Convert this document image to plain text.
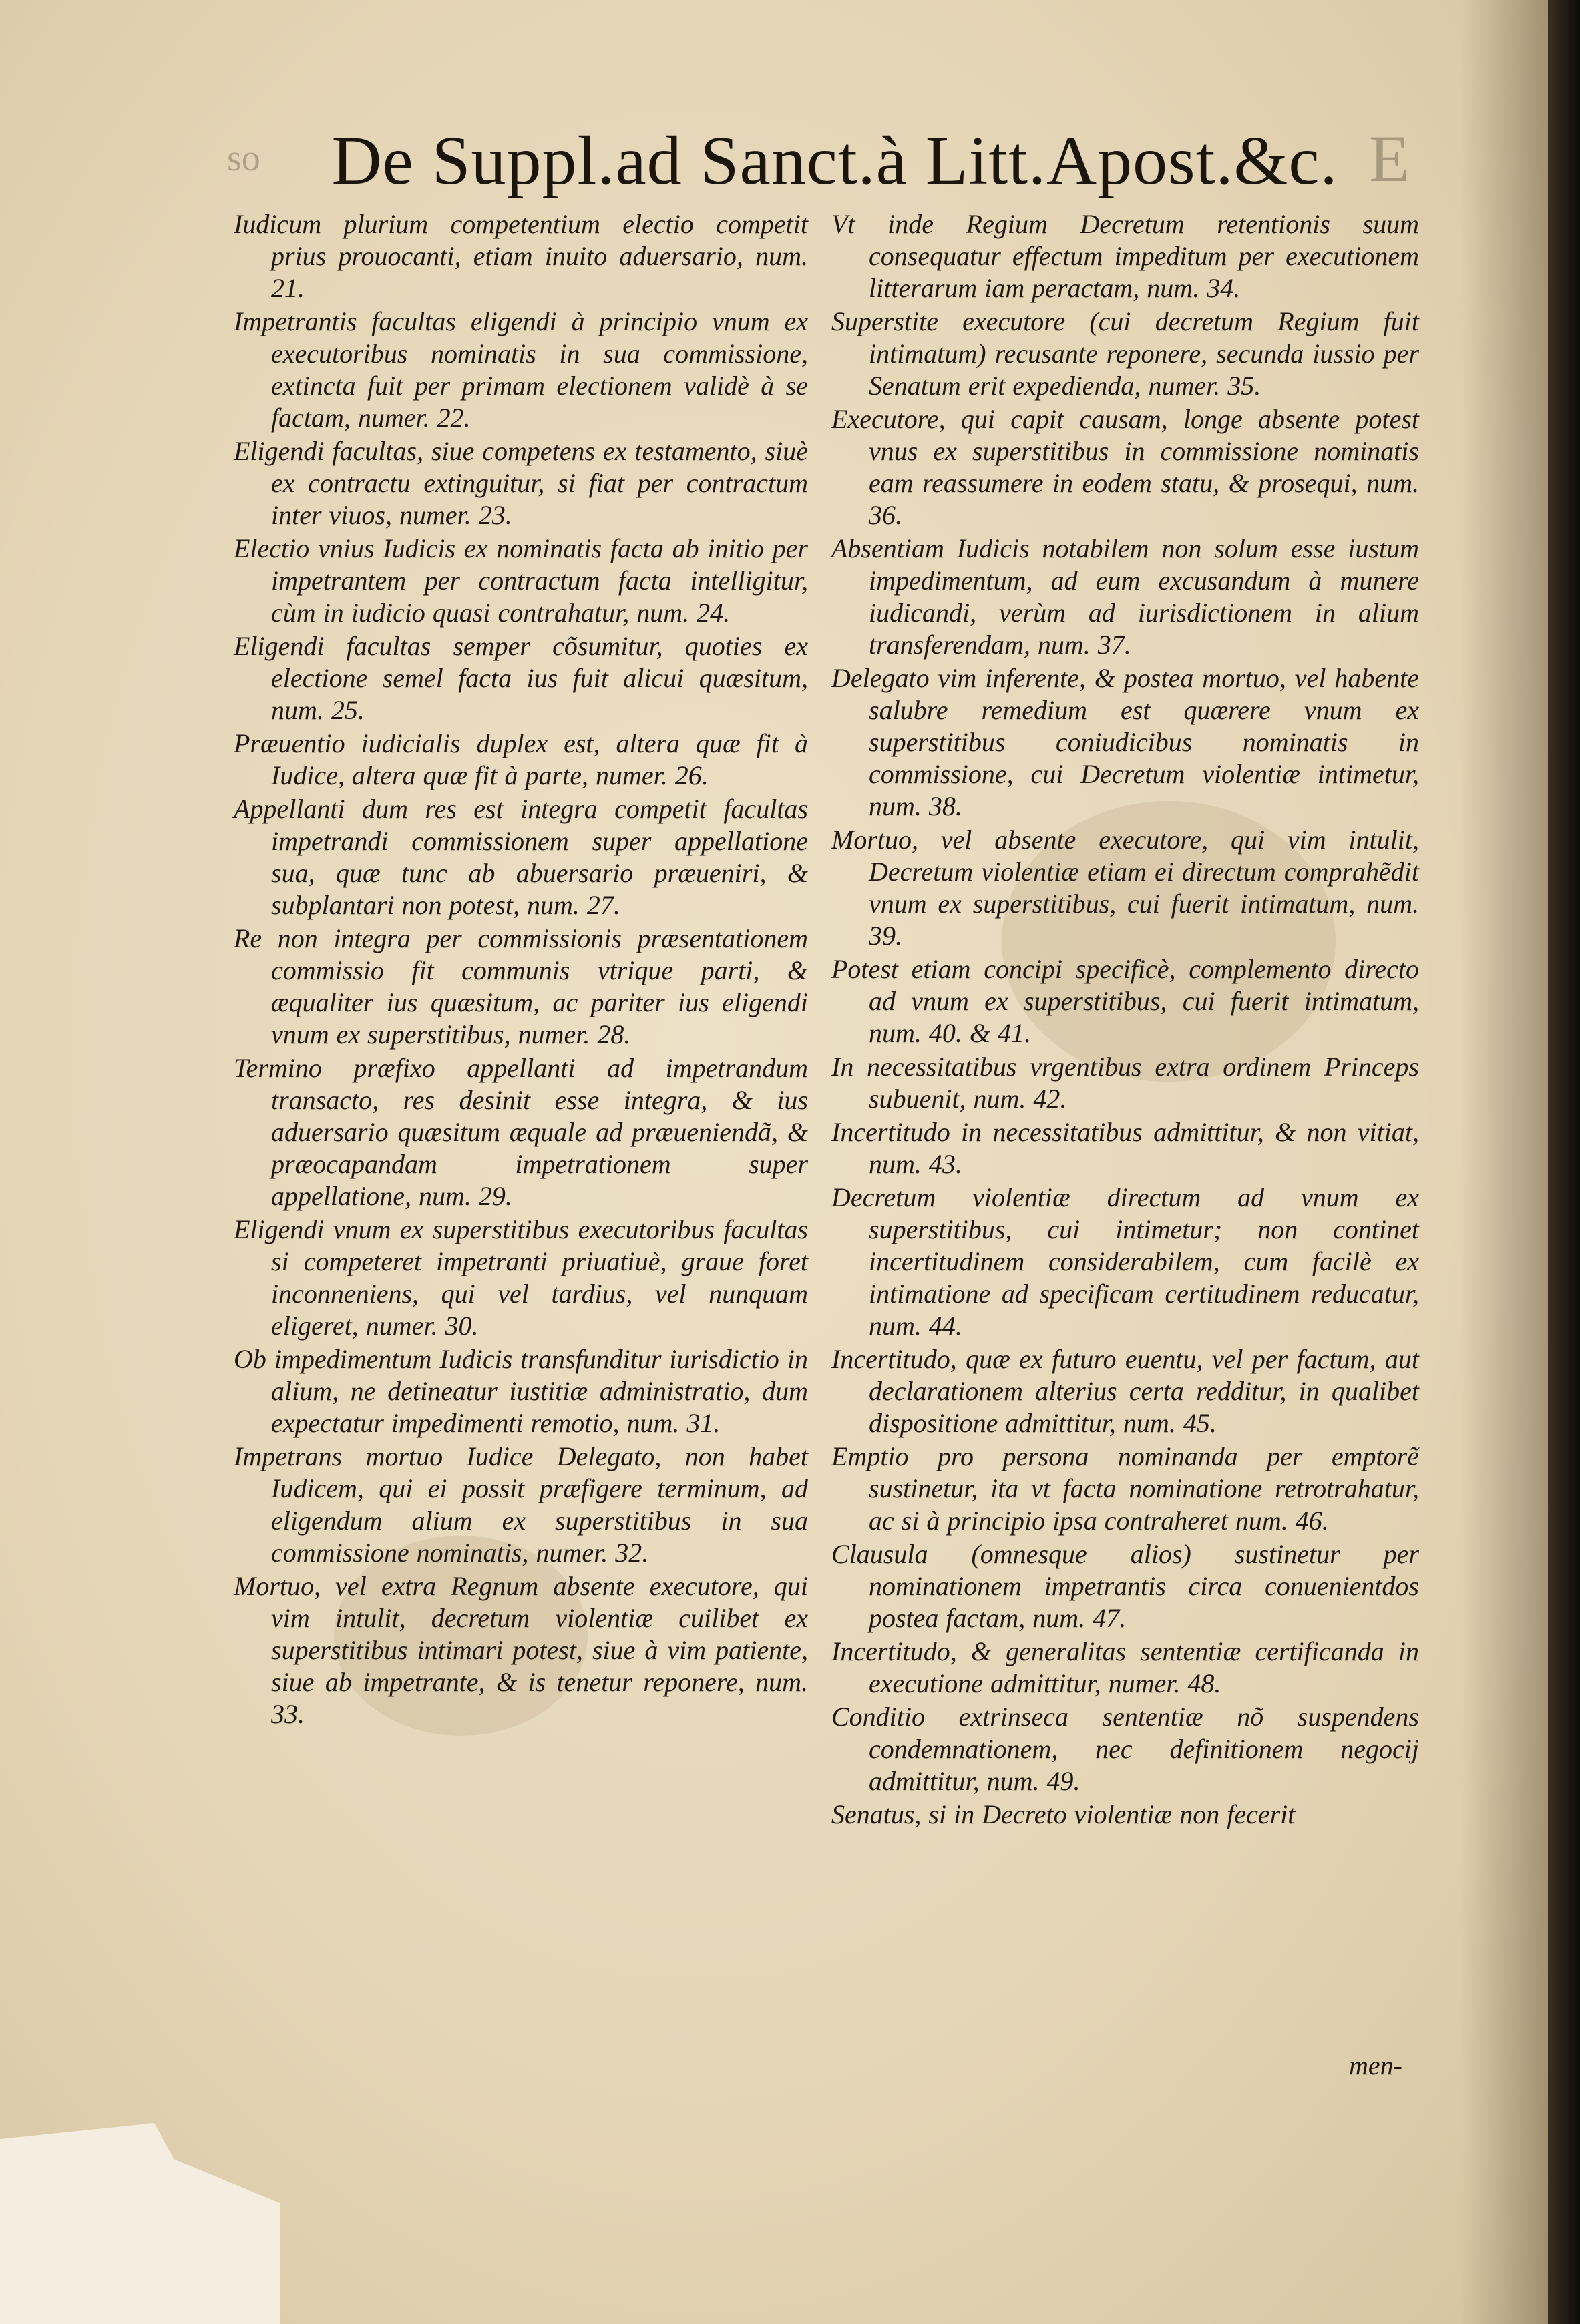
so	E
De Suppl.ad Sanct.à Litt.Apost.&c.

Iudicum plurium competentium electio competit prius prouocanti, etiam inuito aduersario, num. 21.

Impetrantis facultas eligendi à principio vnum ex executoribus nominatis in sua commissione, extincta fuit per primam electionem validè à se factam, numer. 22.

Eligendi facultas, siue competens ex testamento, siuè ex contractu extinguitur, si fiat per contractum inter viuos, numer. 23.

Electio vnius Iudicis ex nominatis facta ab initio per impetrantem per contractum facta intelligitur, cùm in iudicio quasi contrahatur, num. 24.

Eligendi facultas semper cõsumitur, quoties ex electione semel facta ius fuit alicui quæsitum, num. 25.

Præuentio iudicialis duplex est, altera quæ fit à Iudice, altera quæ fit à parte, numer. 26.

Appellanti dum res est integra competit facultas impetrandi commissionem super appellatione sua, quæ tunc ab abuersario præueniri, & subplantari non potest, num. 27.

Re non integra per commissionis præsentationem commissio fit communis vtrique parti, & æqualiter ius quæsitum, ac pariter ius eligendi vnum ex superstitibus, numer. 28.

Termino præfixo appellanti ad impetrandum transacto, res desinit esse integra, & ius aduersario quæsitum æquale ad præueniendã, & præocapandam impetrationem super appellatione, num. 29.

Eligendi vnum ex superstitibus executoribus facultas si competeret impetranti priuatiuè, graue foret inconneniens, qui vel tardius, vel nunquam eligeret, numer. 30.

Ob impedimentum Iudicis transfunditur iurisdictio in alium, ne detineatur iustitiæ administratio, dum expectatur impedimenti remotio, num. 31.

Impetrans mortuo Iudice Delegato, non habet Iudicem, qui ei possit præfigere terminum, ad eligendum alium ex superstitibus in sua commissione nominatis, numer. 32.

Mortuo, vel extra Regnum absente executore, qui vim intulit, decretum violentiæ cuilibet ex superstitibus intimari potest, siue à vim patiente, siue ab impetrante, & is tenetur reponere, num. 33.

Vt inde Regium Decretum retentionis suum consequatur effectum impeditum per executionem litterarum iam peractam, num. 34.

Superstite executore (cui decretum Regium fuit intimatum) recusante reponere, secunda iussio per Senatum erit expedienda, numer. 35.

Executore, qui capit causam, longe absente potest vnus ex superstitibus in commissione nominatis eam reassumere in eodem statu, & prosequi, num. 36.

Absentiam Iudicis notabilem non solum esse iustum impedimentum, ad eum excusandum à munere iudicandi, verùm ad iurisdictionem in alium transferendam, num. 37.

Delegato vim inferente, & postea mortuo, vel habente salubre remedium est quærere vnum ex superstitibus coniudicibus nominatis in commissione, cui Decretum violentiæ intimetur, num. 38.

Mortuo, vel absente executore, qui vim intulit, Decretum violentiæ etiam ei directum comprahẽdit vnum ex superstitibus, cui fuerit intimatum, num. 39.

Potest etiam concipi specificè, complemento directo ad vnum ex superstitibus, cui fuerit intimatum, num. 40. & 41.

In necessitatibus vrgentibus extra ordinem Princeps subuenit, num. 42.

Incertitudo in necessitatibus admittitur, & non vitiat, num. 43.

Decretum violentiæ directum ad vnum ex superstitibus, cui intimetur; non continet incertitudinem considerabilem, cum facilè ex intimatione ad specificam certitudinem reducatur, num. 44.

Incertitudo, quæ ex futuro euentu, vel per factum, aut declarationem alterius certa redditur, in qualibet dispositione admittitur, num. 45.

Emptio pro persona nominanda per emptorẽ sustinetur, ita vt facta nominatione retrotrahatur, ac si à principio ipsa contraheret num. 46.

Clausula (omnesque alios) sustinetur per nominationem impetrantis circa conuenientdos postea factam, num. 47.

Incertitudo, & generalitas sententiæ certificanda in executione admittitur, numer. 48.

Conditio extrinseca sententiæ nõ suspendens condemnationem, nec definitionem negocij admittitur, num. 49.

Senatus, si in Decreto violentiæ non fecerit

men-
